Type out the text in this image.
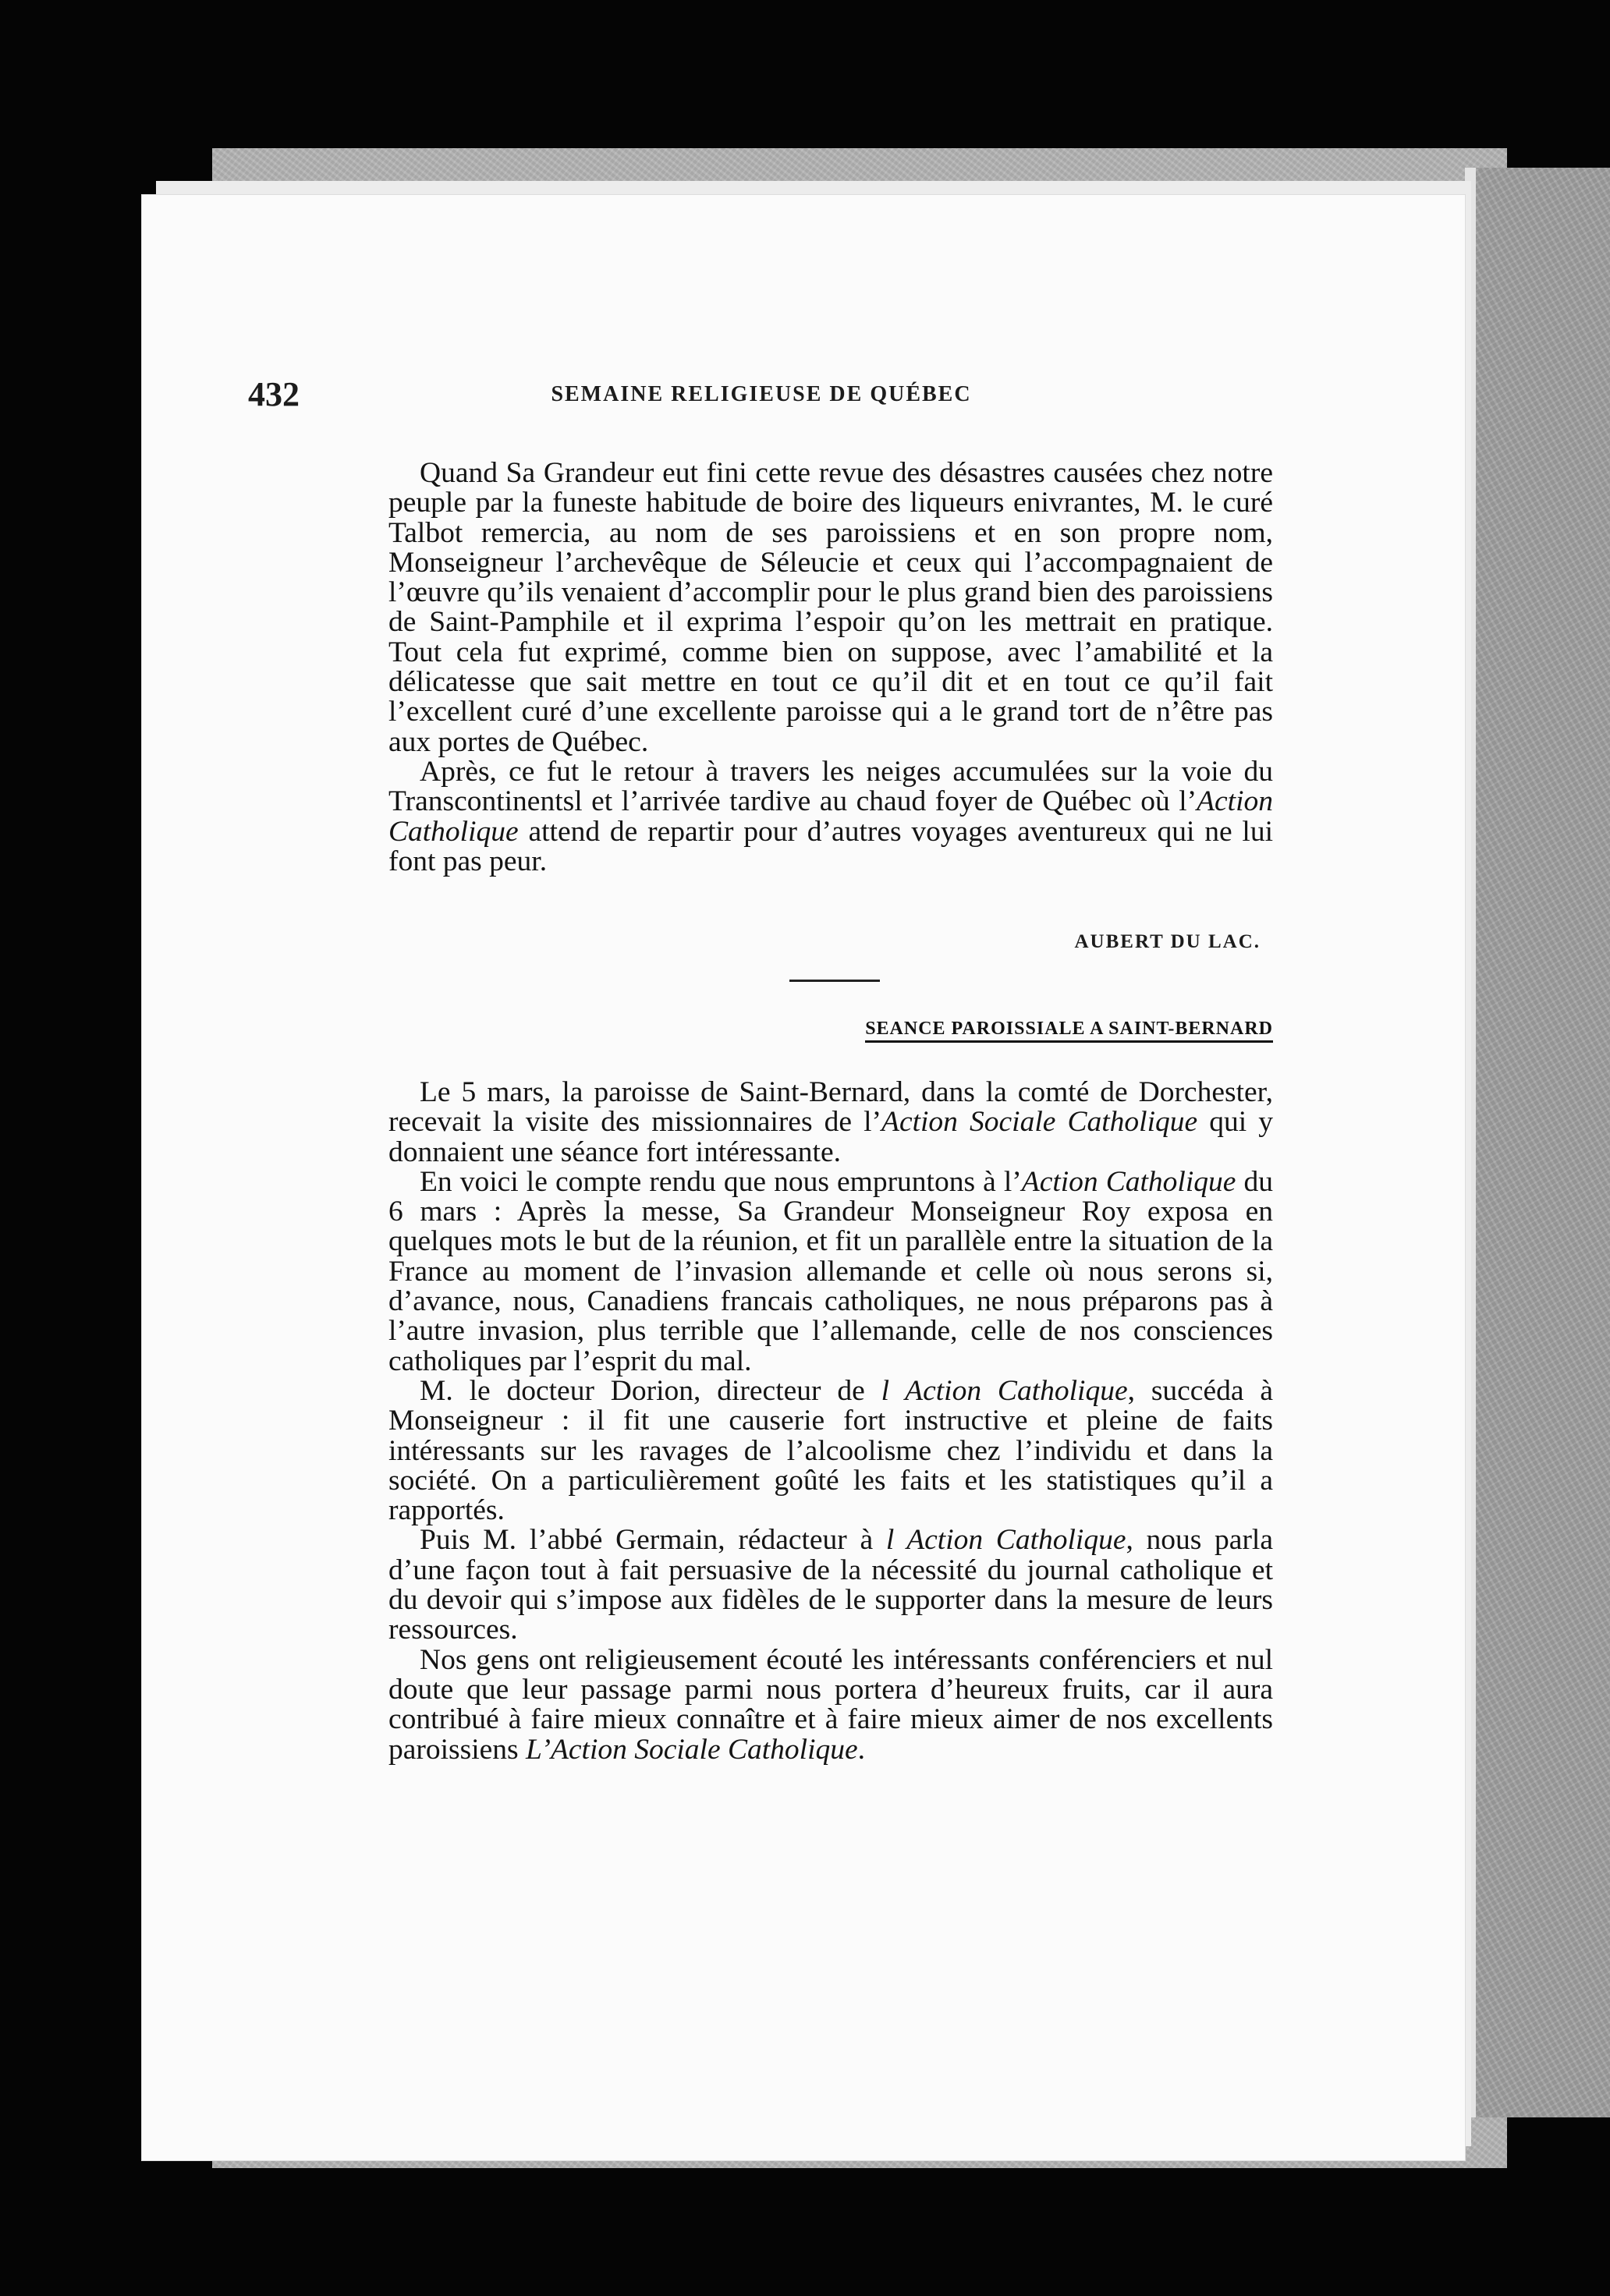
432	SEMAINE RELIGIEUSE DE QUÉBEC

Quand Sa Grandeur eut fini cette revue des désastres causées chez notre peuple par la funeste habitude de boire des liqueurs enivrantes, M. le curé Talbot remercia, au nom de ses paroissiens et en son propre nom, Monseigneur l’archevêque de Séleucie et ceux qui l’accompagnaient de l’œuvre qu’ils venaient d’accomplir pour le plus grand bien des paroissiens de Saint-Pamphile et il exprima l’espoir qu’on les mettrait en pratique. Tout cela fut exprimé, comme bien on suppose, avec l’amabilité et la délicatesse que sait mettre en tout ce qu’il dit et en tout ce qu’il fait l’excellent curé d’une excellente paroisse qui a le grand tort de n’être pas aux portes de Québec.

Après, ce fut le retour à travers les neiges accumulées sur la voie du Transcontinentsl et l’arrivée tardive au chaud foyer de Québec où l’Action Catholique attend de repartir pour d’autres voyages aventureux qui ne lui font pas peur.

AUBERT DU LAC.
SEANCE PAROISSIALE A SAINT-BERNARD

Le 5 mars, la paroisse de Saint-Bernard, dans la comté de Dorchester, recevait la visite des missionnaires de l’Action Sociale Catholique qui y donnaient une séance fort intéressante.

En voici le compte rendu que nous empruntons à l’Action Catholique du 6 mars : Après la messe, Sa Grandeur Monseigneur Roy exposa en quelques mots le but de la réunion, et fit un parallèle entre la situation de la France au moment de l’invasion allemande et celle où nous serons si, d’avance, nous, Canadiens francais catholiques, ne nous préparons pas à l’autre invasion, plus terrible que l’allemande, celle de nos consciences catholiques par l’esprit du mal.

M. le docteur Dorion, directeur de l Action Catholique, succéda à Monseigneur : il fit une causerie fort instructive et pleine de faits intéressants sur les ravages de l’alcoolisme chez l’individu et dans la société. On a particulièrement goûté les faits et les statistiques qu’il a rapportés.

Puis M. l’abbé Germain, rédacteur à l Action Catholique, nous parla d’une façon tout à fait persuasive de la nécessité du journal catholique et du devoir qui s’impose aux fidèles de le supporter dans la mesure de leurs ressources.

Nos gens ont religieusement écouté les intéressants conférenciers et nul doute que leur passage parmi nous portera d’heureux fruits, car il aura contribué à faire mieux connaître et à faire mieux aimer de nos excellents paroissiens L’Action Sociale Catholique.
